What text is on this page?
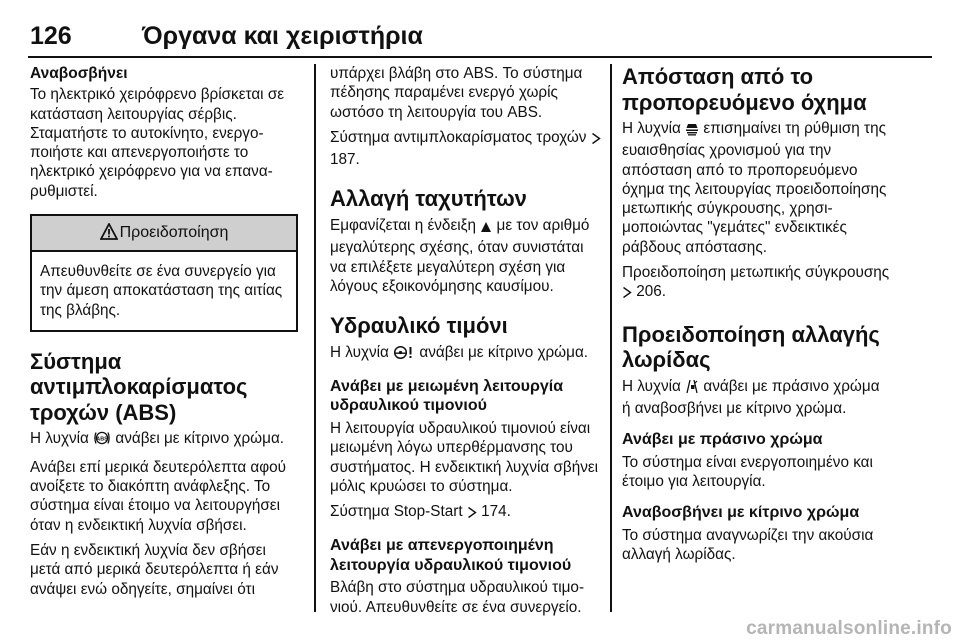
126	Όργανα και χειριστήρια
Αναβοσβήνει

Το ηλεκτρικό χειρόφρενο βρίσκεται σε κατάσταση λειτουργίας σέρβις. Σταματήστε το αυτοκίνητο, ενεργοποιήστε και απενεργοποιήστε το ηλεκτρικό χειρόφρενο για να επαναρυθμιστεί.

Προειδοποίηση
Απευθυνθείτε σε ένα συνεργείο για την άμεση αποκατάσταση της αιτίας της βλάβης.
Σύστημα αντιμπλοκαρίσματος τροχών (ABS)

Η λυχνία ABS ανάβει με κίτρινο χρώμα.

Ανάβει επί μερικά δευτερόλεπτα αφού ανοίξετε το διακόπτη ανάφλεξης. Το σύστημα είναι έτοιμο να λειτουργήσει όταν η ενδεικτική λυχνία σβήσει.

Εάν η ενδεικτική λυχνία δεν σβήσει μετά από μερικά δευτερόλεπτα ή εάν ανάψει ενώ οδηγείτε, σημαίνει ότι

υπάρχει βλάβη στο ABS. Το σύστημα πέδησης παραμένει ενεργό χωρίς ωστόσο τη λειτουργία του ABS.

Σύστημα αντιμπλοκαρίσματος τροχών  187.

Αλλαγή ταχυτήτων

Εμφανίζεται η ένδειξη με τον αριθμό μεγαλύτερης σχέσης, όταν συνιστάται να επιλέξετε μεγαλύτερη σχέση για λόγους εξοικονόμησης καυσίμου.

Υδραυλικό τιμόνι

Η λυχνία ανάβει με κίτρινο χρώμα.

Ανάβει με μειωμένη λειτουργία υδραυλικού τιμονιού

Η λειτουργία υδραυλικού τιμονιού είναι μειωμένη λόγω υπερθέρμανσης του συστήματος. Η ενδεικτική λυχνία σβήνει μόλις κρυώσει το σύστημα.

Σύστημα Stop-Start 174.

Ανάβει με απενεργοποιημένη λειτουργία υδραυλικού τιμονιού

Βλάβη στο σύστημα υδραυλικού τιμονιού. Απευθυνθείτε σε ένα συνεργείο.

Απόσταση από το προπορευόμενο όχημα

Η λυχνία επισημαίνει τη ρύθμιση της ευαισθησίας χρονισμού για την απόσταση από το προπορευόμενο όχημα της λειτουργίας προειδοποίησης μετωπικής σύγκρουσης, χρησιμοποιώντας "γεμάτες" ενδεικτικές ράβδους απόστασης.

Προειδοποίηση μετωπικής σύγκρουσης  206.

Προειδοποίηση αλλαγής λωρίδας

Η λυχνία ανάβει με πράσινο χρώμα ή αναβοσβήνει με κίτρινο χρώμα.

Ανάβει με πράσινο χρώμα

Το σύστημα είναι ενεργοποιημένο και έτοιμο για λειτουργία.

Αναβοσβήνει με κίτρινο χρώμα

Το σύστημα αναγνωρίζει την ακούσια αλλαγή λωρίδας.

carmanualsonline.info
